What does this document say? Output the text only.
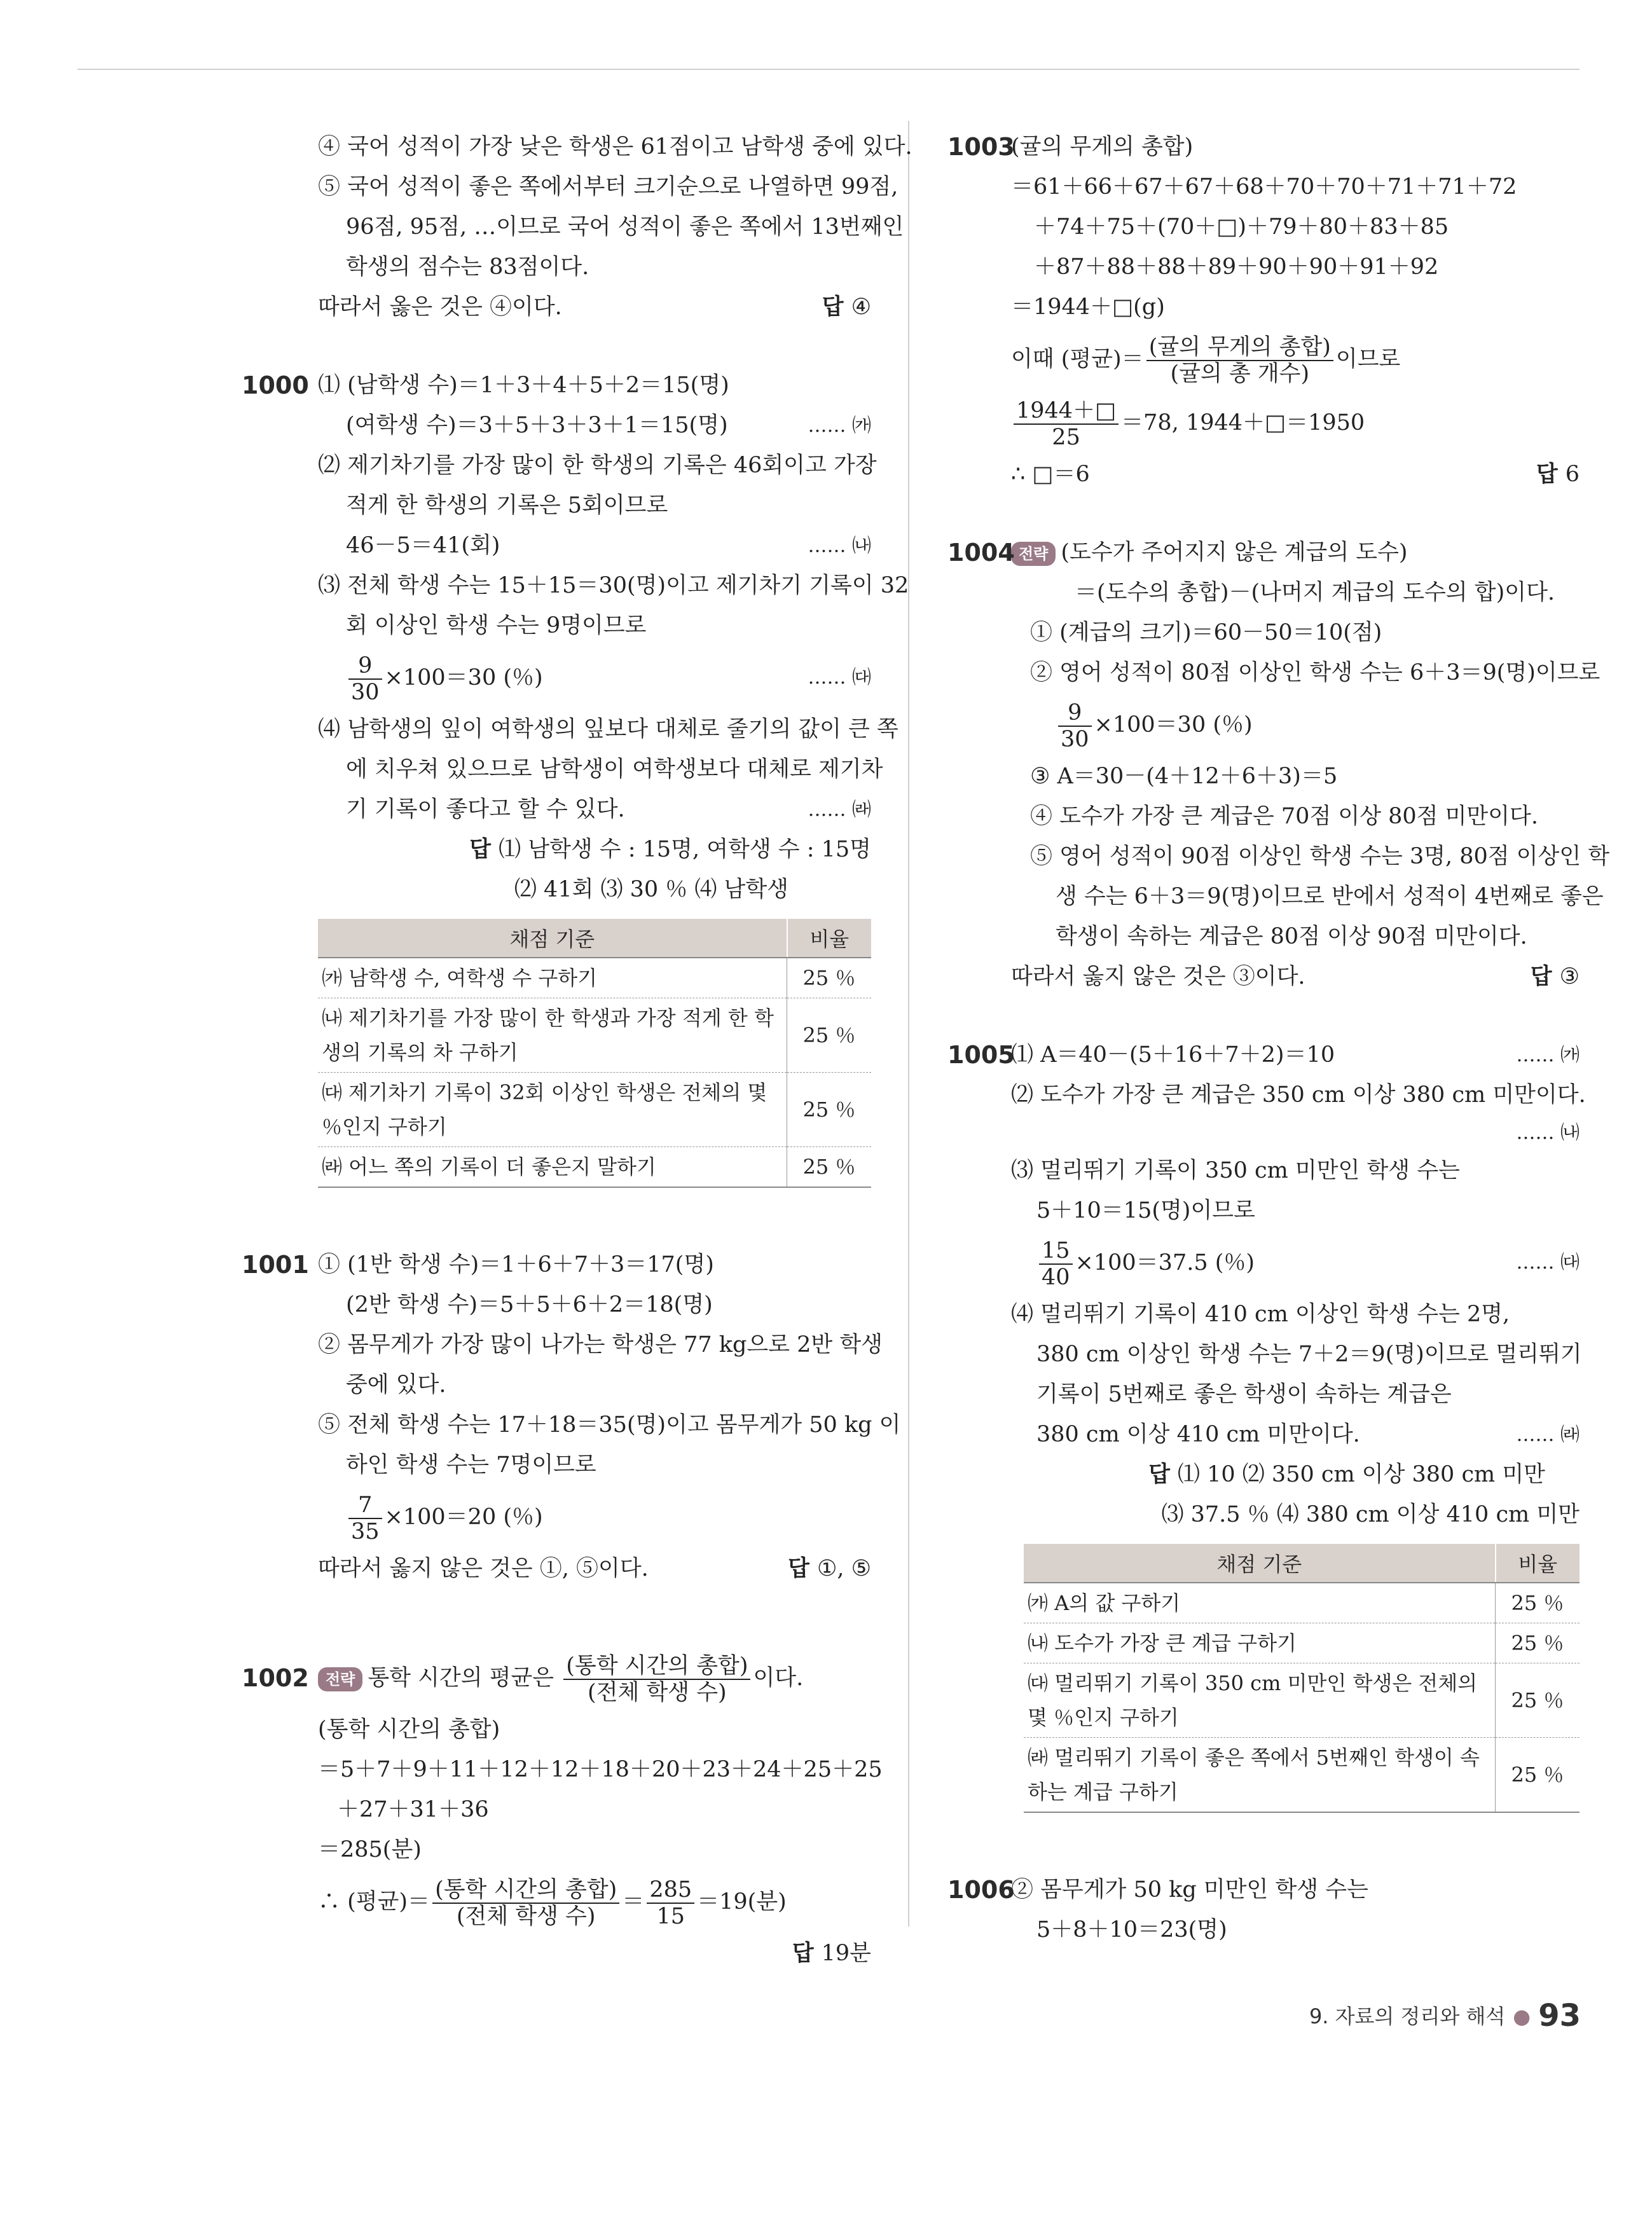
④ 국어 성적이 가장 낮은 학생은 61점이고 남학생 중에 있다.
⑤ 국어 성적이 좋은 쪽에서부터 크기순으로 나열하면 99점,
96점, 95점, …이므로 국어 성적이 좋은 쪽에서 13번째인
학생의 점수는 83점이다.
따라서 옳은 것은 ④이다.	답 ④
1000 ⑴ (남학생 수)＝1＋3＋4＋5＋2＝15(명)
(여학생 수)＝3＋5＋3＋3＋1＝15(명)	…… ㈎
⑵ 제기차기를 가장 많이 한 학생의 기록은 46회이고 가장
적게 한 학생의 기록은 5회이므로
46－5＝41(회)	…… ㈏
⑶ 전체 학생 수는 15＋15＝30(명)이고 제기차기 기록이 32
회 이상인 학생 수는 9명이므로
$\frac{9}{30} \times 100=30$ (％)	…… ㈐
⑷ 남학생의 잎이 여학생의 잎보다 대체로 줄기의 값이 큰 쪽
에 치우쳐 있으므로 남학생이 여학생보다 대체로 제기차
기 기록이 좋다고 할 수 있다.	…… ㈑
답 ⑴ 남학생 수 : 15명, 여학생 수 : 15명
⑵ 41회 ⑶ 30 ％ ⑷ 남학생
채점 기준	비율
㈎ 남학생 수, 여학생 수 구하기	25 ％
㈏ 제기차기를 가장 많이 한 학생과 가장 적게 한 학생의 기록의 차 구하기	25 ％
㈐ 제기차기 기록이 32회 이상인 학생은 전체의 몇 ％인지 구하기	25 ％
㈑ 어느 쪽의 기록이 더 좋은지 말하기	25 ％
1001 ① (1반 학생 수)＝1＋6＋7＋3＝17(명)
(2반 학생 수)＝5＋5＋6＋2＝18(명)
② 몸무게가 가장 많이 나가는 학생은 77 kg으로 2반 학생
중에 있다.
⑤ 전체 학생 수는 17＋18＝35(명)이고 몸무게가 50 kg 이
하인 학생 수는 7명이므로
$\frac{7}{35} \times 100=20$ (％)
따라서 옳지 않은 것은 ①, ⑤이다.	답 ①, ⑤
1002 전략 통학 시간의 평균은 $\frac{\text{(통학 시간의 총합)}}{\text{(전체 학생 수)}}$ 이다.
(통학 시간의 총합)
＝5＋7＋9＋11＋12＋12＋18＋20＋23＋24＋25＋25
＋27＋31＋36
＝285(분)
∴ (평균)＝ $\frac{\text{(통학 시간의 총합)}}{\text{(전체 학생 수)}} = \frac{285}{15} =19$(분)
답 19분
1003
(귤의 무게의 총합)
＝61＋66＋67＋67＋68＋70＋70＋71＋71＋72
＋74＋75＋(70＋□)＋79＋80＋83＋85
＋87＋88＋88＋89＋90＋90＋91＋92
＝1944＋□(g)
이때 (평균)＝ $\frac{\text{(귤의 무게의 총합)}}{\text{(귤의 총 개수)}}$ 이므로
$\frac{1944+□}{25} =78$, 1944＋□＝1950
∴ □＝6	답 6
1004 전략 (도수가 주어지지 않은 계급의 도수)
＝(도수의 총합)－(나머지 계급의 도수의 합)이다.
① (계급의 크기)＝60－50＝10(점)
② 영어 성적이 80점 이상인 학생 수는 6＋3＝9(명)이므로
$\frac{9}{30} \times 100=30$ (％)
③ A＝30－(4＋12＋6＋3)＝5
④ 도수가 가장 큰 계급은 70점 이상 80점 미만이다.
⑤ 영어 성적이 90점 이상인 학생 수는 3명, 80점 이상인 학
생 수는 6＋3＝9(명)이므로 반에서 성적이 4번째로 좋은
학생이 속하는 계급은 80점 이상 90점 미만이다.
따라서 옳지 않은 것은 ③이다.	답 ③
1005
⑴ A＝40－(5＋16＋7＋2)＝10	…… ㈎
⑵ 도수가 가장 큰 계급은 350 cm 이상 380 cm 미만이다.
…… ㈏
⑶ 멀리뛰기 기록이 350 cm 미만인 학생 수는
5＋10＝15(명)이므로
$\frac{15}{40} \times 100=37.5$ (％)	…… ㈐
⑷ 멀리뛰기 기록이 410 cm 이상인 학생 수는 2명,
380 cm 이상인 학생 수는 7＋2＝9(명)이므로 멀리뛰기
기록이 5번째로 좋은 학생이 속하는 계급은
380 cm 이상 410 cm 미만이다.	…… ㈑
답 ⑴ 10 ⑵ 350 cm 이상 380 cm 미만
⑶ 37.5 ％ ⑷ 380 cm 이상 410 cm 미만
채점 기준	비율
㈎ A의 값 구하기	25 ％
㈏ 도수가 가장 큰 계급 구하기	25 ％
㈐ 멀리뛰기 기록이 350 cm 미만인 학생은 전체의 몇 ％인지 구하기	25 ％
㈑ 멀리뛰기 기록이 좋은 쪽에서 5번째인 학생이 속하는 계급 구하기	25 ％
1006
② 몸무게가 50 kg 미만인 학생 수는
5＋8＋10＝23(명)
9. 자료의 정리와 해석 ● 93
